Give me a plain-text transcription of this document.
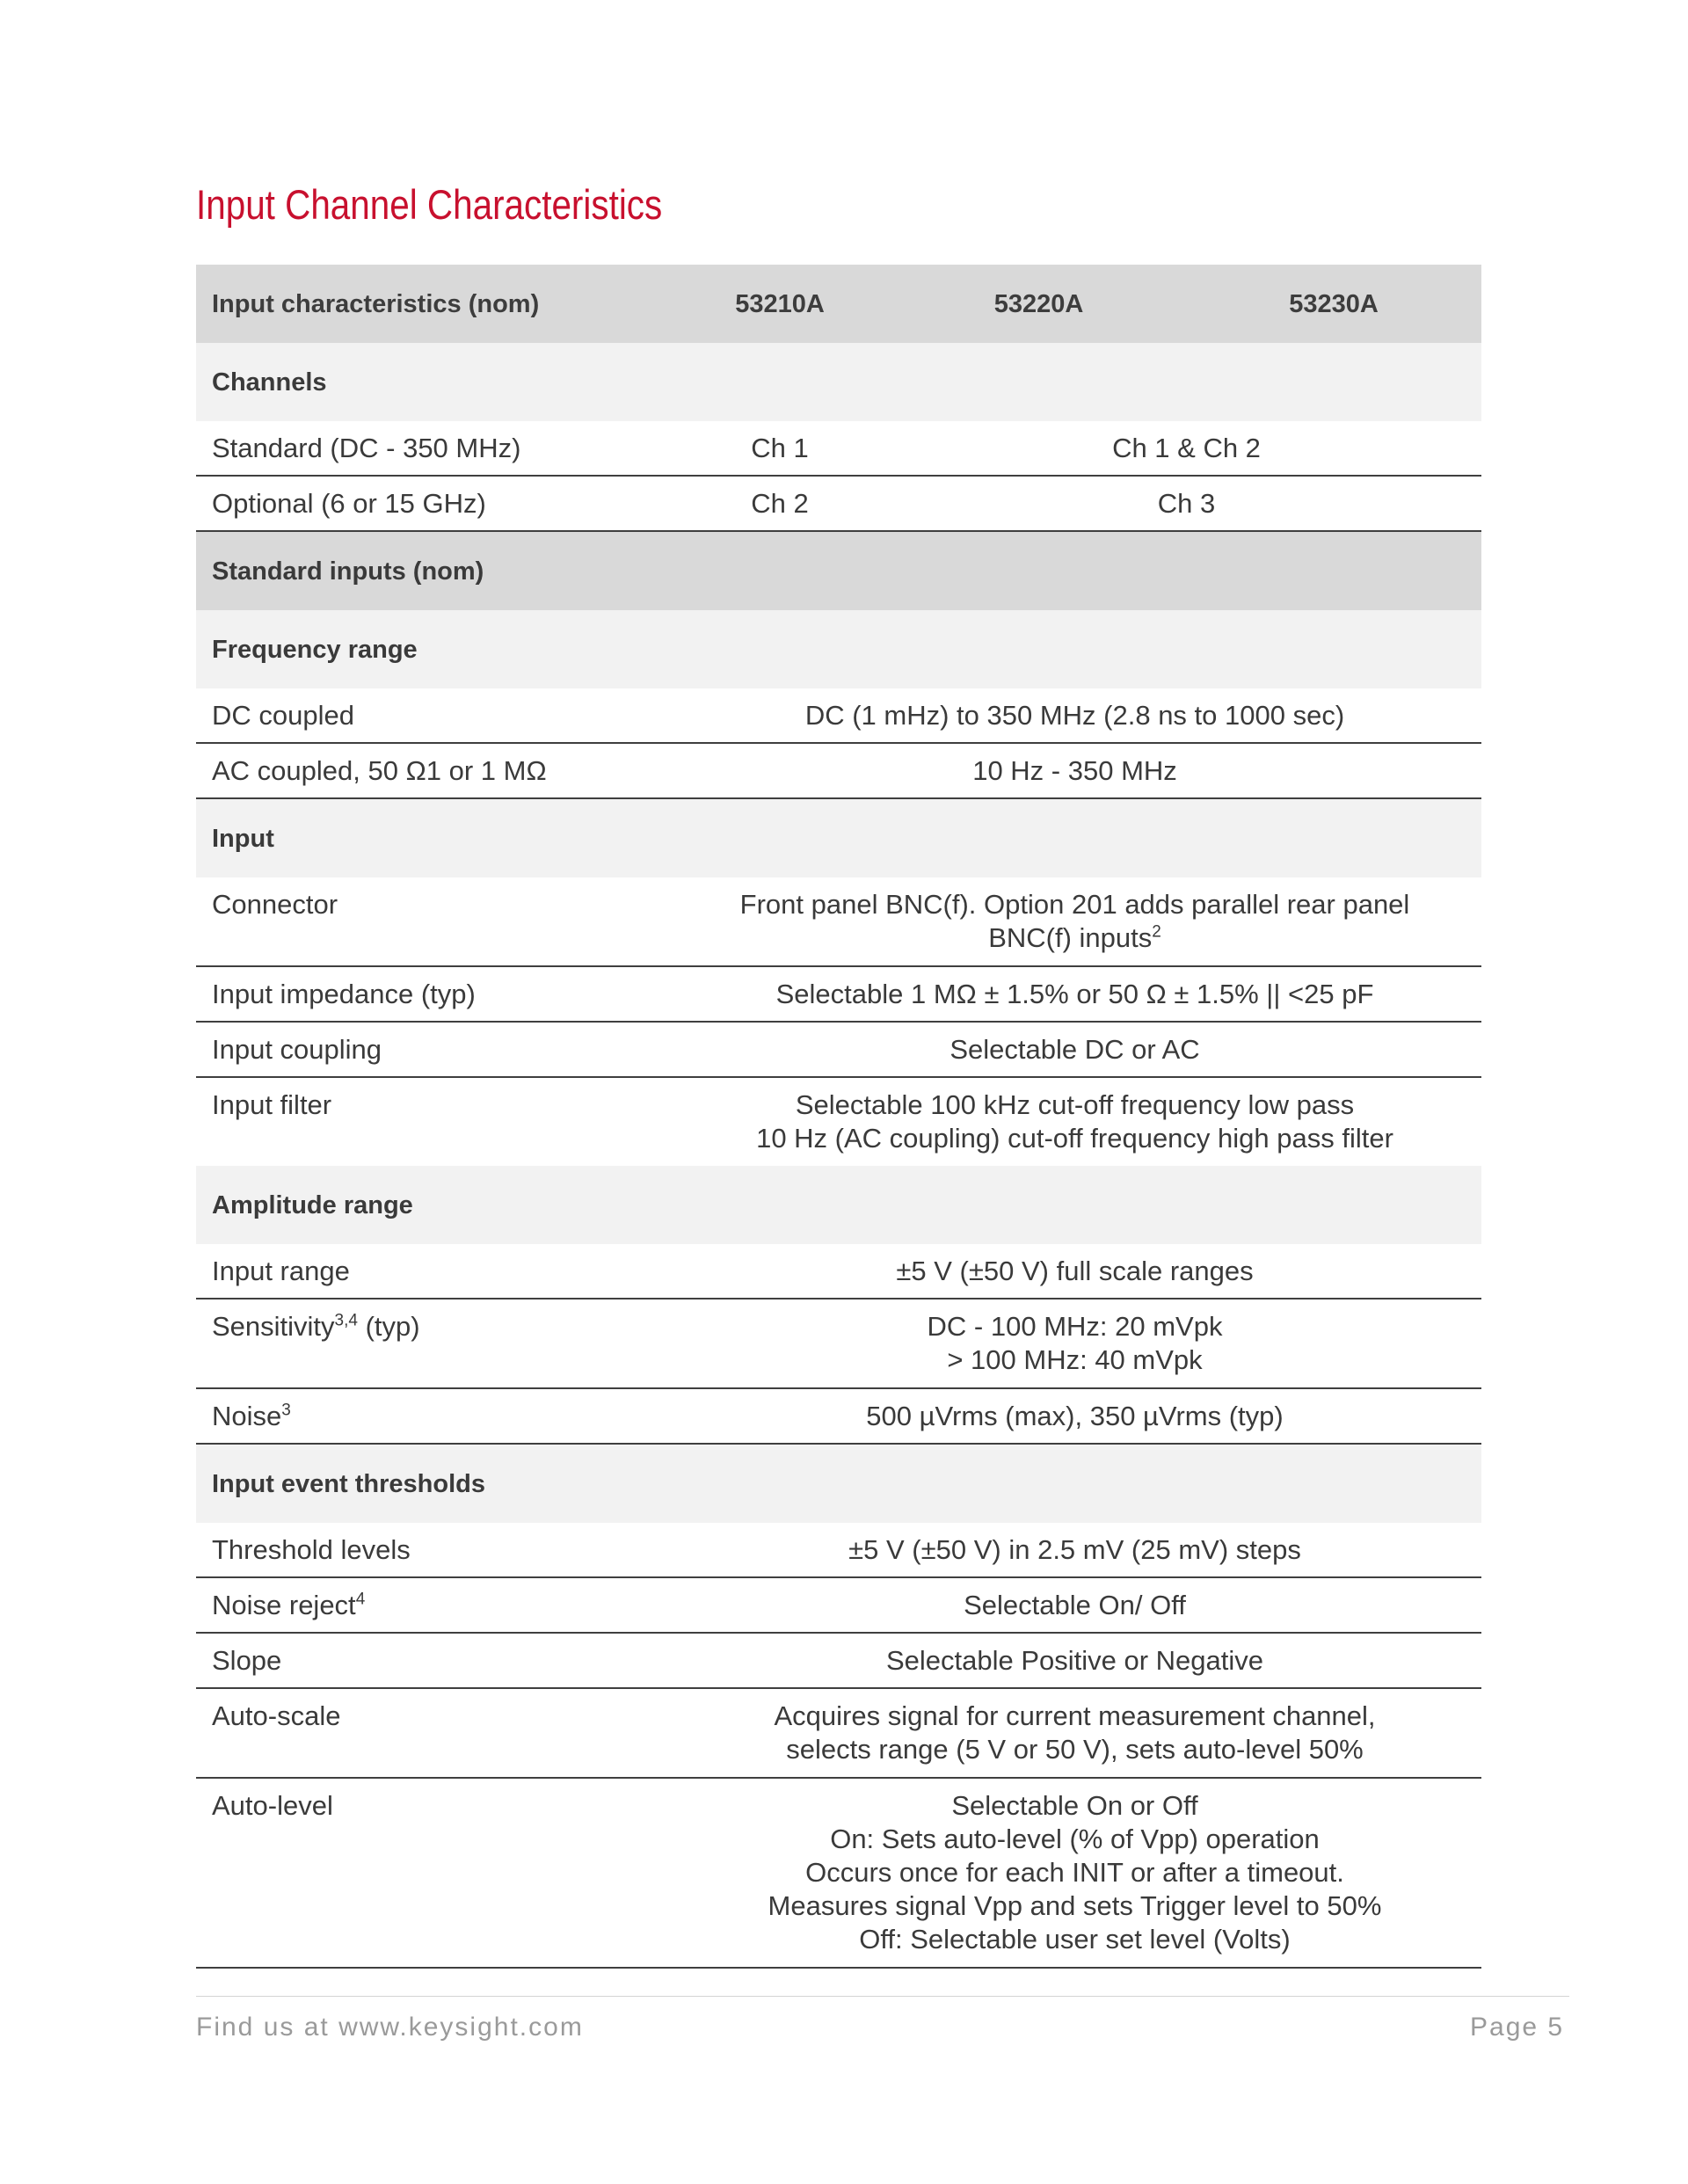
Input Channel Characteristics
Input characteristics (nom)	53210A	53220A	53230A
Channels			
Standard (DC - 350 MHz)	Ch 1	Ch 1 & Ch 2	
Optional (6 or 15 GHz)	Ch 2	Ch 3	
Standard inputs (nom)			
Frequency range			
DC coupled	DC (1 mHz) to 350 MHz (2.8 ns to 1000 sec)		
AC coupled, 50 Ω1 or 1 MΩ	10 Hz - 350 MHz		
Input			
Connector	Front panel BNC(f). Option 201 adds parallel rear panel
BNC(f) inputs$^2$

Input impedance (typ)	Selectable 1 MΩ ± 1.5% or 50 Ω ± 1.5% || <25 pF		
Input coupling	Selectable DC or AC		
Input filter	Selectable 100 kHz cut-off frequency low pass
10 Hz (AC coupling) cut-off frequency high pass filter		

Amplitude range			
Input range	±5 V (±50 V) full scale ranges		
Sensitivity$^{3,4}$ (typ)	DC - 100 MHz: 20 mVpk
> 100 MHz: 40 mVpk		

Noise$^3$	500 µVrms (max), 350 µVrms (typ)		
Input event thresholds			
Threshold levels	±5 V (±50 V) in 2.5 mV (25 mV) steps		
Noise reject$^4$	Selectable On/ Off		
Slope	Selectable Positive or Negative		
Auto-scale	Acquires signal for current measurement channel,
selects range (5 V or 50 V), sets auto-level 50%		

Auto-level	Selectable On or Off
On: Sets auto-level (% of Vpp) operation
Occurs once for each INIT or after a timeout.
Measures signal Vpp and sets Trigger level to 50%
Off: Selectable user set level (Volts)		
Find us at www.keysight.com	Page 5
